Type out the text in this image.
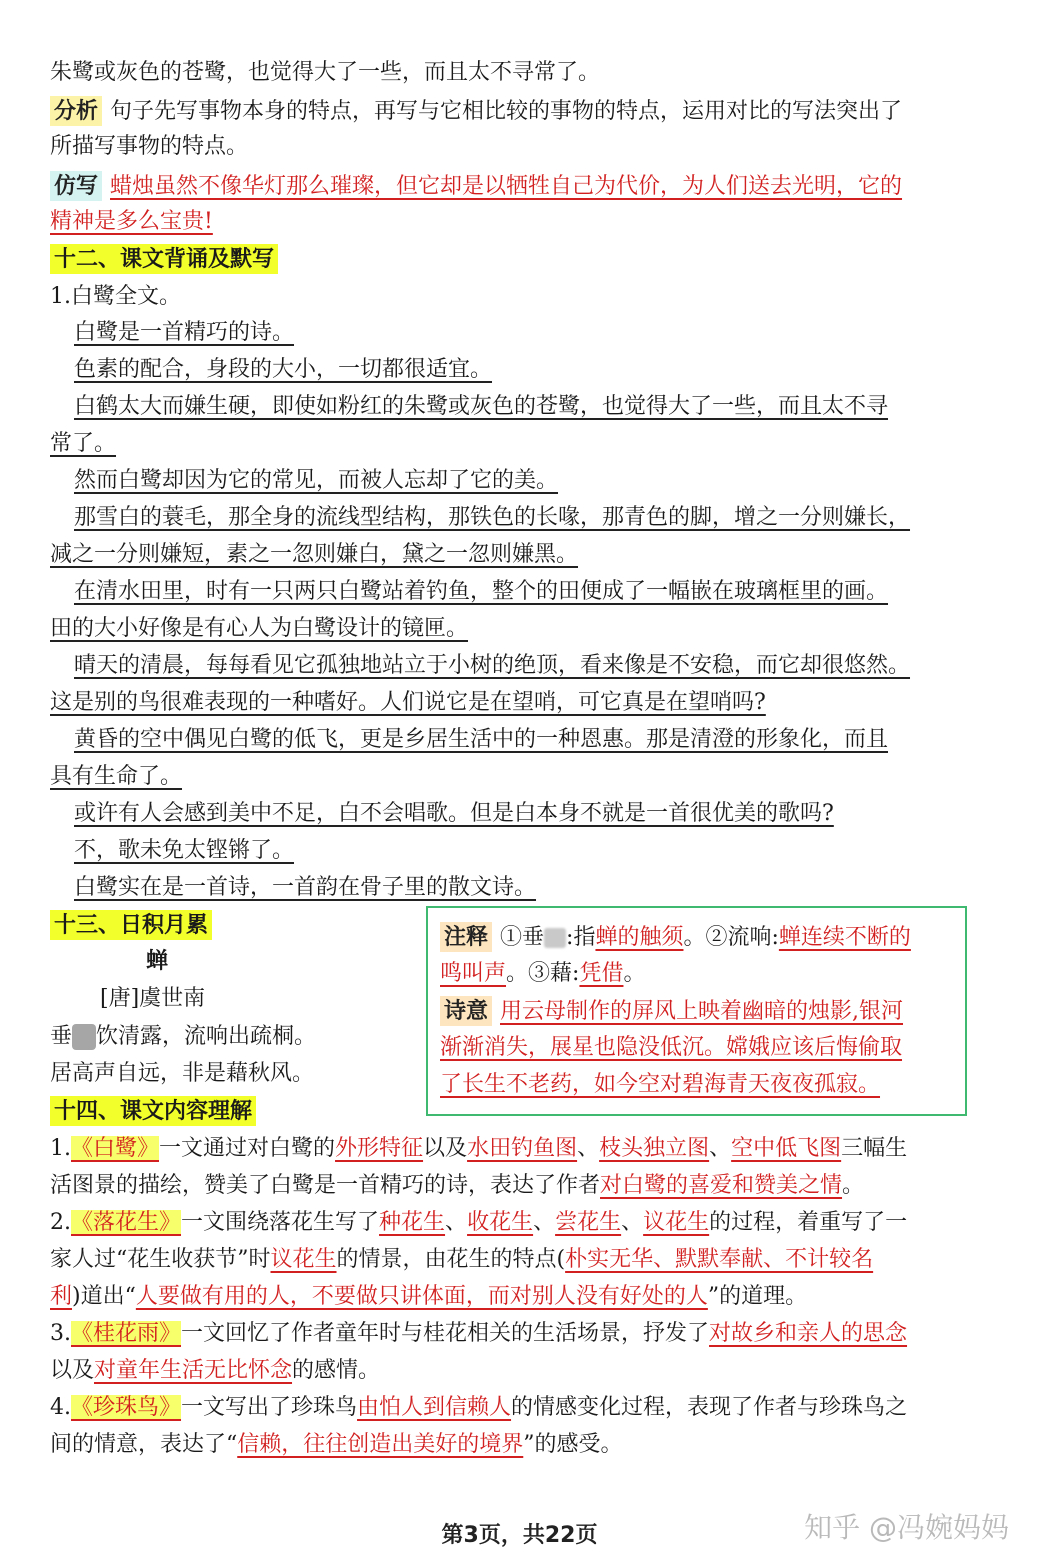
朱鹭或灰色的苍鹭，也觉得大了一些，而且太不寻常了。
分析 句子先写事物本身的特点，再写与它相比较的事物的特点，运用对比的写法突出了
所描写事物的特点。
仿写 蜡烛虽然不像华灯那么璀璨，但它却是以牺牲自己为代价，为人们送去光明，它的
精神是多么宝贵!
十二、课文背诵及默写
1.白鹭全文。
白鹭是一首精巧的诗。
色素的配合，身段的大小，一切都很适宜。
白鹤太大而嫌生硬，即使如粉红的朱鹭或灰色的苍鹭，也觉得大了一些，而且太不寻
常了。
然而白鹭却因为它的常见，而被人忘却了它的美。
那雪白的蓑毛，那全身的流线型结构，那铁色的长喙，那青色的脚，增之一分则嫌长，
减之一分则嫌短，素之一忽则嫌白，黛之一忽则嫌黑。
在清水田里，时有一只两只白鹭站着钓鱼，整个的田便成了一幅嵌在玻璃框里的画。
田的大小好像是有心人为白鹭设计的镜匣。
晴天的清晨，每每看见它孤独地站立于小树的绝顶，看来像是不安稳，而它却很悠然。
这是别的鸟很难表现的一种嗜好。人们说它是在望哨，可它真是在望哨吗?
黄昏的空中偶见白鹭的低飞，更是乡居生活中的一种恩惠。那是清澄的形象化，而且
具有生命了。
或许有人会感到美中不足，白不会唱歌。但是白本身不就是一首很优美的歌吗?
不，歌未免太铿锵了。
白鹭实在是一首诗，一首韵在骨子里的散文诗。
十三、日积月累
蝉
[唐]虞世南
垂 饮清露，流响出疏桐。
居高声自远，非是藉秋风。
注释 ①垂 :指蝉的触须。②流响:蝉连续不断的
鸣叫声。③藉:凭借。
诗意 用云母制作的屏风上映着幽暗的烛影,银河
渐渐消失，展星也隐没低沉。嫦娥应该后悔偷取
了长生不老药，如今空对碧海青天夜夜孤寂。
十四、课文内容理解
1.《白鹭》一文通过对白鹭的外形特征以及水田钓鱼图、枝头独立图、空中低飞图三幅生
活图景的描绘，赞美了白鹭是一首精巧的诗，表达了作者对白鹭的喜爱和赞美之情。
2.《落花生》一文围绕落花生写了种花生、收花生、尝花生、议花生的过程，着重写了一
家人过“花生收获节”时议花生的情景，由花生的特点(朴实无华、默默奉献、不计较名
利)道出“人要做有用的人，不要做只讲体面，而对别人没有好处的人”的道理。
3.《桂花雨》一文回忆了作者童年时与桂花相关的生活场景，抒发了对故乡和亲人的思念
以及对童年生活无比怀念的感情。
4.《珍珠鸟》一文写出了珍珠鸟由怕人到信赖人的情感变化过程，表现了作者与珍珠鸟之
间的情意，表达了“信赖，往往创造出美好的境界”的感受。
第3页，共22页	知乎 @冯婉妈妈
